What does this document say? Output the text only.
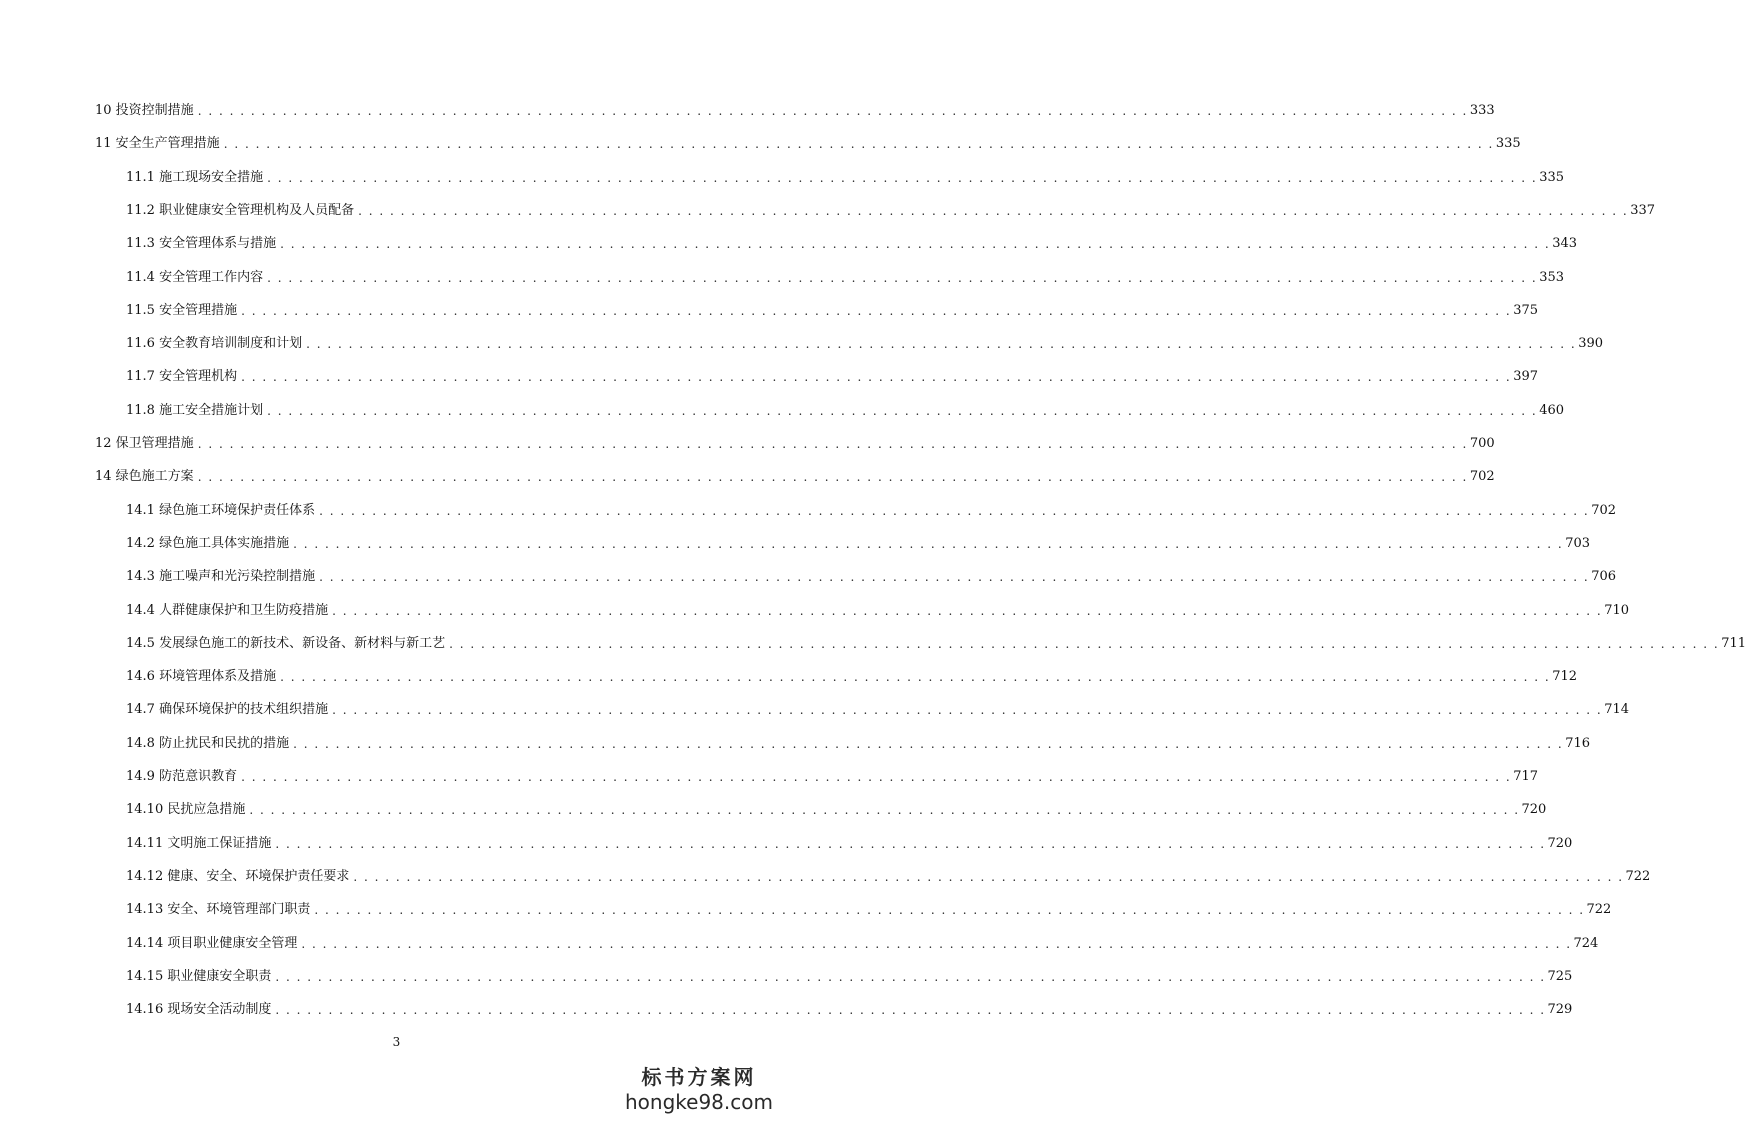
10 投资控制措施 . . . . . . . . . . . . . . . . . . . . . . . . . . . . . . . . . . . . . . . . . . . . . . . . . . . . . . . . . . . . . . . . . . . . . . . . . . . . . . . . . . . . . . . . . . . . . . . . . . . . . . . . . . . . . . . . . . . . . . . . 333
11 安全生产管理措施 . . . . . . . . . . . . . . . . . . . . . . . . . . . . . . . . . . . . . . . . . . . . . . . . . . . . . . . . . . . . . . . . . . . . . . . . . . . . . . . . . . . . . . . . . . . . . . . . . . . . . . . . . . . . . . . . . . . . . . . . 335
11.1 施工现场安全措施 . . . . . . . . . . . . . . . . . . . . . . . . . . . . . . . . . . . . . . . . . . . . . . . . . . . . . . . . . . . . . . . . . . . . . . . . . . . . . . . . . . . . . . . . . . . . . . . . . . . . . . . . . . . . . . . . . . . . . . . . 335
11.2 职业健康安全管理机构及人员配备 . . . . . . . . . . . . . . . . . . . . . . . . . . . . . . . . . . . . . . . . . . . . . . . . . . . . . . . . . . . . . . . . . . . . . . . . . . . . . . . . . . . . . . . . . . . . . . . . . . . . . . . . . . . . . . . . . . . . . . . . 337
11.3 安全管理体系与措施 . . . . . . . . . . . . . . . . . . . . . . . . . . . . . . . . . . . . . . . . . . . . . . . . . . . . . . . . . . . . . . . . . . . . . . . . . . . . . . . . . . . . . . . . . . . . . . . . . . . . . . . . . . . . . . . . . . . . . . . . 343
11.4 安全管理工作内容 . . . . . . . . . . . . . . . . . . . . . . . . . . . . . . . . . . . . . . . . . . . . . . . . . . . . . . . . . . . . . . . . . . . . . . . . . . . . . . . . . . . . . . . . . . . . . . . . . . . . . . . . . . . . . . . . . . . . . . . . 353
11.5 安全管理措施 . . . . . . . . . . . . . . . . . . . . . . . . . . . . . . . . . . . . . . . . . . . . . . . . . . . . . . . . . . . . . . . . . . . . . . . . . . . . . . . . . . . . . . . . . . . . . . . . . . . . . . . . . . . . . . . . . . . . . . . . 375
11.6 安全教育培训制度和计划 . . . . . . . . . . . . . . . . . . . . . . . . . . . . . . . . . . . . . . . . . . . . . . . . . . . . . . . . . . . . . . . . . . . . . . . . . . . . . . . . . . . . . . . . . . . . . . . . . . . . . . . . . . . . . . . . . . . . . . . . 390
11.7 安全管理机构 . . . . . . . . . . . . . . . . . . . . . . . . . . . . . . . . . . . . . . . . . . . . . . . . . . . . . . . . . . . . . . . . . . . . . . . . . . . . . . . . . . . . . . . . . . . . . . . . . . . . . . . . . . . . . . . . . . . . . . . . 397
11.8 施工安全措施计划 . . . . . . . . . . . . . . . . . . . . . . . . . . . . . . . . . . . . . . . . . . . . . . . . . . . . . . . . . . . . . . . . . . . . . . . . . . . . . . . . . . . . . . . . . . . . . . . . . . . . . . . . . . . . . . . . . . . . . . . . 460
12 保卫管理措施 . . . . . . . . . . . . . . . . . . . . . . . . . . . . . . . . . . . . . . . . . . . . . . . . . . . . . . . . . . . . . . . . . . . . . . . . . . . . . . . . . . . . . . . . . . . . . . . . . . . . . . . . . . . . . . . . . . . . . . . . 700
14 绿色施工方案 . . . . . . . . . . . . . . . . . . . . . . . . . . . . . . . . . . . . . . . . . . . . . . . . . . . . . . . . . . . . . . . . . . . . . . . . . . . . . . . . . . . . . . . . . . . . . . . . . . . . . . . . . . . . . . . . . . . . . . . . 702
14.1 绿色施工环境保护责任体系 . . . . . . . . . . . . . . . . . . . . . . . . . . . . . . . . . . . . . . . . . . . . . . . . . . . . . . . . . . . . . . . . . . . . . . . . . . . . . . . . . . . . . . . . . . . . . . . . . . . . . . . . . . . . . . . . . . . . . . . . 702
14.2 绿色施工具体实施措施 . . . . . . . . . . . . . . . . . . . . . . . . . . . . . . . . . . . . . . . . . . . . . . . . . . . . . . . . . . . . . . . . . . . . . . . . . . . . . . . . . . . . . . . . . . . . . . . . . . . . . . . . . . . . . . . . . . . . . . . . 703
14.3 施工噪声和光污染控制措施 . . . . . . . . . . . . . . . . . . . . . . . . . . . . . . . . . . . . . . . . . . . . . . . . . . . . . . . . . . . . . . . . . . . . . . . . . . . . . . . . . . . . . . . . . . . . . . . . . . . . . . . . . . . . . . . . . . . . . . . . 706
14.4 人群健康保护和卫生防疫措施 . . . . . . . . . . . . . . . . . . . . . . . . . . . . . . . . . . . . . . . . . . . . . . . . . . . . . . . . . . . . . . . . . . . . . . . . . . . . . . . . . . . . . . . . . . . . . . . . . . . . . . . . . . . . . . . . . . . . . . . . 710
14.5 发展绿色施工的新技术、新设备、新材料与新工艺 . . . . . . . . . . . . . . . . . . . . . . . . . . . . . . . . . . . . . . . . . . . . . . . . . . . . . . . . . . . . . . . . . . . . . . . . . . . . . . . . . . . . . . . . . . . . . . . . . . . . . . . . . . . . . . . . . . . . . . . . 711
14.6 环境管理体系及措施 . . . . . . . . . . . . . . . . . . . . . . . . . . . . . . . . . . . . . . . . . . . . . . . . . . . . . . . . . . . . . . . . . . . . . . . . . . . . . . . . . . . . . . . . . . . . . . . . . . . . . . . . . . . . . . . . . . . . . . . . 712
14.7 确保环境保护的技术组织措施 . . . . . . . . . . . . . . . . . . . . . . . . . . . . . . . . . . . . . . . . . . . . . . . . . . . . . . . . . . . . . . . . . . . . . . . . . . . . . . . . . . . . . . . . . . . . . . . . . . . . . . . . . . . . . . . . . . . . . . . . 714
14.8 防止扰民和民扰的措施 . . . . . . . . . . . . . . . . . . . . . . . . . . . . . . . . . . . . . . . . . . . . . . . . . . . . . . . . . . . . . . . . . . . . . . . . . . . . . . . . . . . . . . . . . . . . . . . . . . . . . . . . . . . . . . . . . . . . . . . . 716
14.9 防范意识教育 . . . . . . . . . . . . . . . . . . . . . . . . . . . . . . . . . . . . . . . . . . . . . . . . . . . . . . . . . . . . . . . . . . . . . . . . . . . . . . . . . . . . . . . . . . . . . . . . . . . . . . . . . . . . . . . . . . . . . . . . 717
14.10 民扰应急措施 . . . . . . . . . . . . . . . . . . . . . . . . . . . . . . . . . . . . . . . . . . . . . . . . . . . . . . . . . . . . . . . . . . . . . . . . . . . . . . . . . . . . . . . . . . . . . . . . . . . . . . . . . . . . . . . . . . . . . . . . 720
14.11 文明施工保证措施 . . . . . . . . . . . . . . . . . . . . . . . . . . . . . . . . . . . . . . . . . . . . . . . . . . . . . . . . . . . . . . . . . . . . . . . . . . . . . . . . . . . . . . . . . . . . . . . . . . . . . . . . . . . . . . . . . . . . . . . . 720
14.12 健康、安全、环境保护责任要求 . . . . . . . . . . . . . . . . . . . . . . . . . . . . . . . . . . . . . . . . . . . . . . . . . . . . . . . . . . . . . . . . . . . . . . . . . . . . . . . . . . . . . . . . . . . . . . . . . . . . . . . . . . . . . . . . . . . . . . . . 722
14.13 安全、环境管理部门职责 . . . . . . . . . . . . . . . . . . . . . . . . . . . . . . . . . . . . . . . . . . . . . . . . . . . . . . . . . . . . . . . . . . . . . . . . . . . . . . . . . . . . . . . . . . . . . . . . . . . . . . . . . . . . . . . . . . . . . . . . 722
14.14 项目职业健康安全管理 . . . . . . . . . . . . . . . . . . . . . . . . . . . . . . . . . . . . . . . . . . . . . . . . . . . . . . . . . . . . . . . . . . . . . . . . . . . . . . . . . . . . . . . . . . . . . . . . . . . . . . . . . . . . . . . . . . . . . . . . 724
14.15 职业健康安全职责 . . . . . . . . . . . . . . . . . . . . . . . . . . . . . . . . . . . . . . . . . . . . . . . . . . . . . . . . . . . . . . . . . . . . . . . . . . . . . . . . . . . . . . . . . . . . . . . . . . . . . . . . . . . . . . . . . . . . . . . . 725
14.16 现场安全活动制度 . . . . . . . . . . . . . . . . . . . . . . . . . . . . . . . . . . . . . . . . . . . . . . . . . . . . . . . . . . . . . . . . . . . . . . . . . . . . . . . . . . . . . . . . . . . . . . . . . . . . . . . . . . . . . . . . . . . . . . . . 729
3
标书方案网
hongke98.com
